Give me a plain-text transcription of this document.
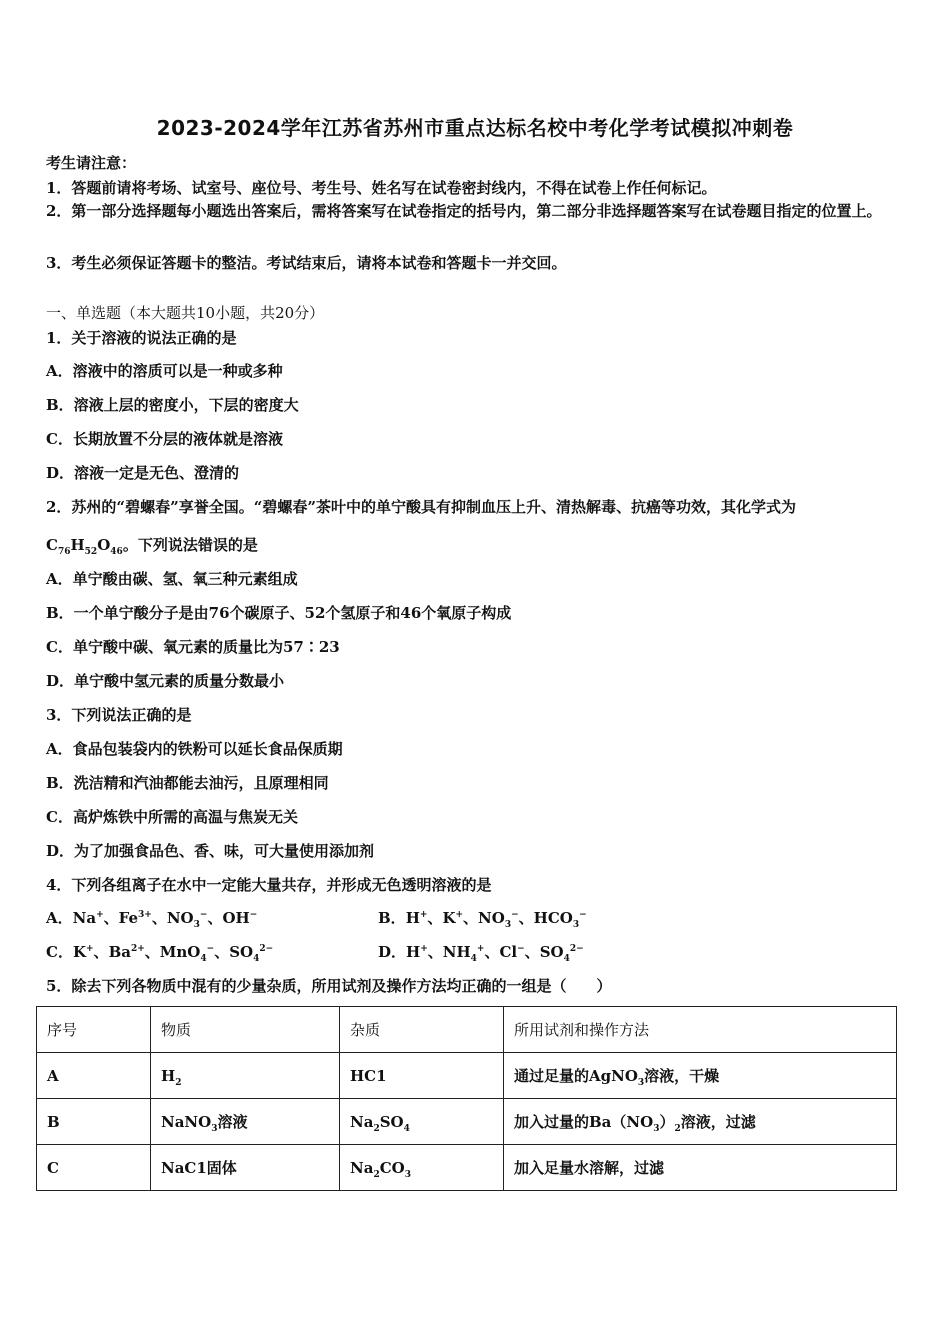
2023-2024学年江苏省苏州市重点达标名校中考化学考试模拟冲刺卷
考生请注意：
1．答题前请将考场、试室号、座位号、考生号、姓名写在试卷密封线内，不得在试卷上作任何标记。
2．第一部分选择题每小题选出答案后，需将答案写在试卷指定的括号内，第二部分非选择题答案写在试卷题目指定的位置上。
3．考生必须保证答题卡的整洁。考试结束后，请将本试卷和答题卡一并交回。
一、单选题（本大题共10小题，共20分）
1．关于溶液的说法正确的是
A．溶液中的溶质可以是一种或多种
B．溶液上层的密度小，下层的密度大
C．长期放置不分层的液体就是溶液
D．溶液一定是无色、澄清的
2．苏州的“碧螺春”享誉全国。“碧螺春”茶叶中的单宁酸具有抑制血压上升、清热解毒、抗癌等功效，其化学式为
$C_{76}H_{52}O_{46}$。下列说法错误的是
A．单宁酸由碳、氢、氧三种元素组成
B．一个单宁酸分子是由76个碳原子、52个氢原子和46个氧原子构成
C．单宁酸中碳、氧元素的质量比为57∶23
D．单宁酸中氢元素的质量分数最小
3．下列说法正确的是
A．食品包装袋内的铁粉可以延长食品保质期
B．洗洁精和汽油都能去油污，且原理相同
C．高炉炼铁中所需的高温与焦炭无关
D．为了加强食品色、香、味，可大量使用添加剂
4．下列各组离子在水中一定能大量共存，并形成无色透明溶液的是
A．Na+、$Fe^{3+}$、$NO_3^-$、OH−	B．H+、K+、$NO_3^-$、$HCO_3^-$
C．K+、$Ba^{2+}$、MnO$_4$−、$SO_4^{2-}$	D．H+、$NH_4^+$、Cl−、$SO_4^{2-}$
5．除去下列各物质中混有的少量杂质，所用试剂及操作方法均正确的一组是（　　）
序号	物质	杂质	所用试剂和操作方法
A	$H_2$	HC1	通过足量的AgNO$_3$溶液，干燥
B	NaNO$_3$溶液	$Na_2SO_4$	加入过量的$Ba(NO_3)_2$溶液，过滤
C	NaC1固体	$Na_2CO_3$	加入足量水溶解，过滤
